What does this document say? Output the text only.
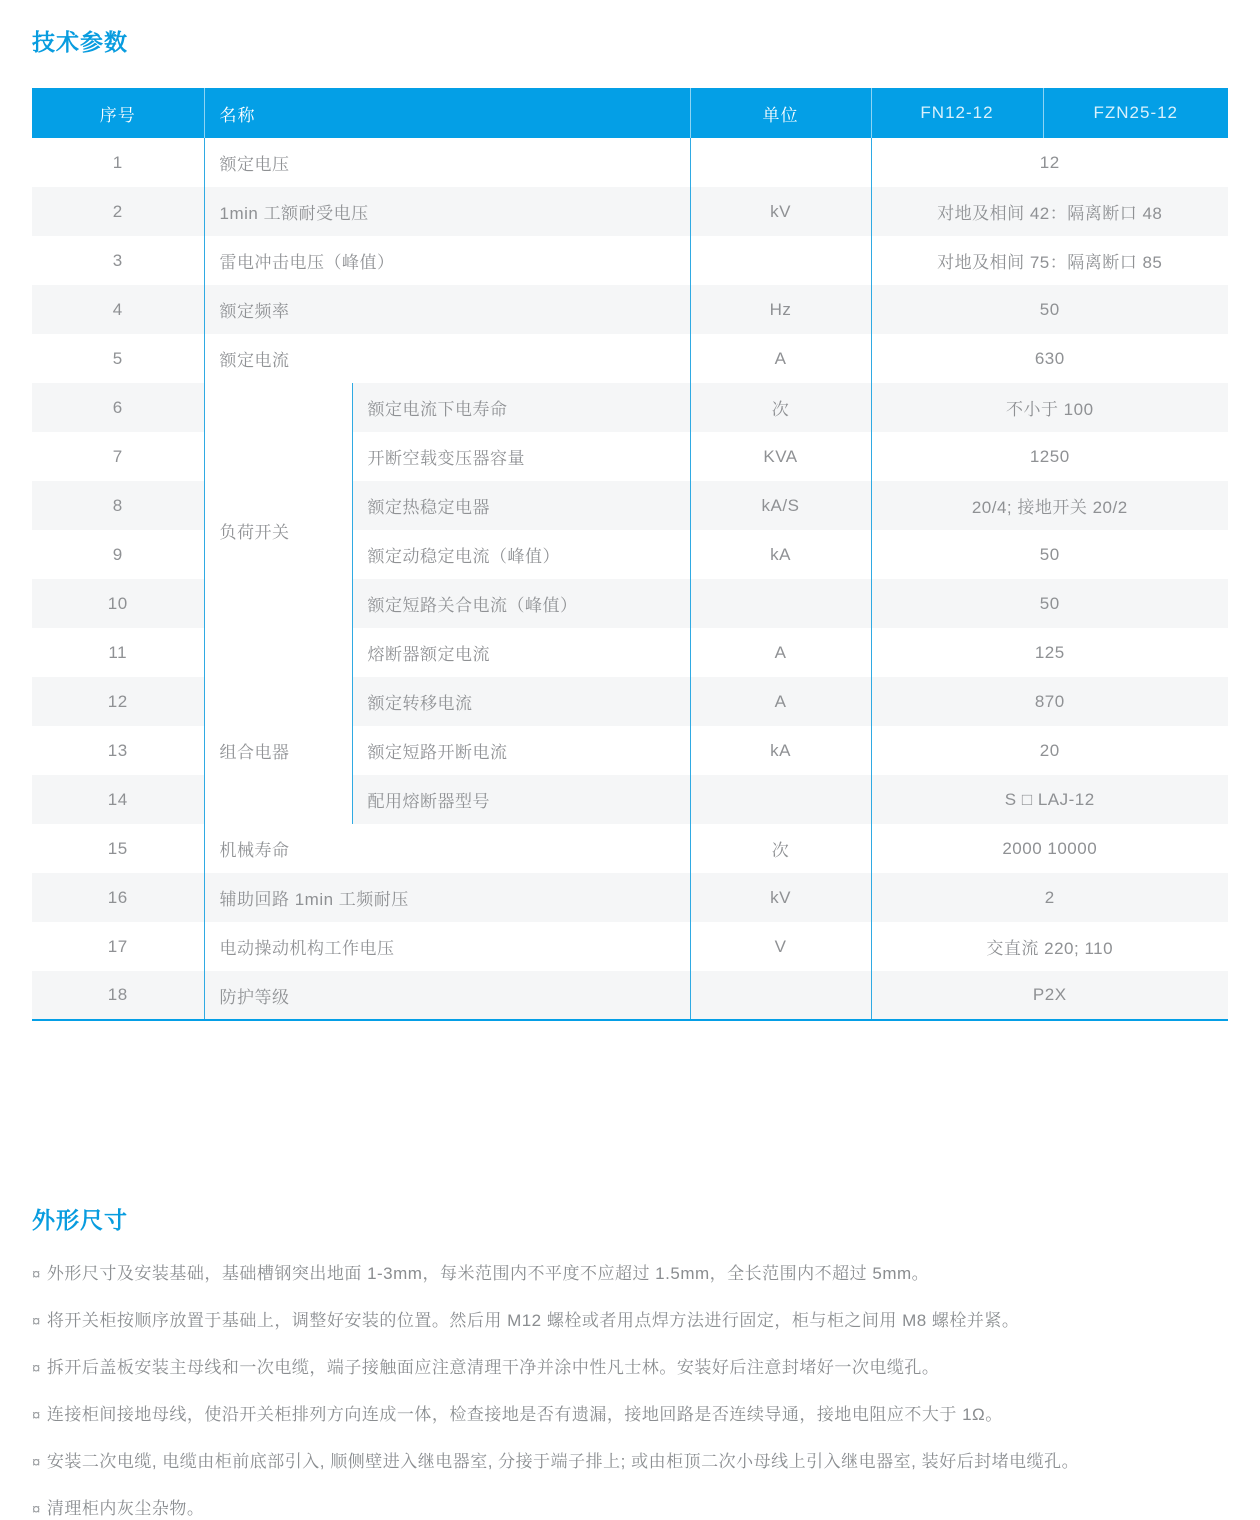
技术参数
序号	名称		单位	FN12-12	FZN25-12
1	额定电压			12	
2	1min 工额耐受电压		kV	对地及相间 42：隔离断口 48	
3	雷电冲击电压（峰值）			对地及相间 75：隔离断口 85	
4	额定频率		Hz	50	
5	额定电流		A	630	
6	负荷开关	额定电流下电寿命	次	不小于 100	
7		开断空载变压器容量	KVA	1250	
8		额定热稳定电器	kA/S	20/4; 接地开关 20/2	
9		额定动稳定电流（峰值）	kA	50	
10		额定短路关合电流（峰值）		50	
11		熔断器额定电流	A	125	
12	组合电器	额定转移电流	A	870	
13		额定短路开断电流	kA	20	
14		配用熔断器型号		S □ LAJ-12	
15	机械寿命		次	2000 10000	
16	辅助回路 1min 工频耐压		kV	2	
17	电动操动机构工作电压		V	交直流 220; 110	
18	防护等级			P2X	
外形尺寸
¤ 外形尺寸及安装基础，基础槽钢突出地面 1-3mm，每米范围内不平度不应超过 1.5mm，全长范围内不超过 5mm。
¤ 将开关柜按顺序放置于基础上，调整好安装的位置。然后用 M12 螺栓或者用点焊方法进行固定，柜与柜之间用 M8 螺栓并紧。
¤ 拆开后盖板安装主母线和一次电缆，端子接触面应注意清理干净并涂中性凡士林。安装好后注意封堵好一次电缆孔。
¤ 连接柜间接地母线，使沿开关柜排列方向连成一体，检查接地是否有遗漏，接地回路是否连续导通，接地电阻应不大于 1Ω。
¤ 安装二次电缆, 电缆由柜前底部引入, 顺侧壁进入继电器室, 分接于端子排上; 或由柜顶二次小母线上引入继电器室, 装好后封堵电缆孔。
¤ 清理柜内灰尘杂物。
